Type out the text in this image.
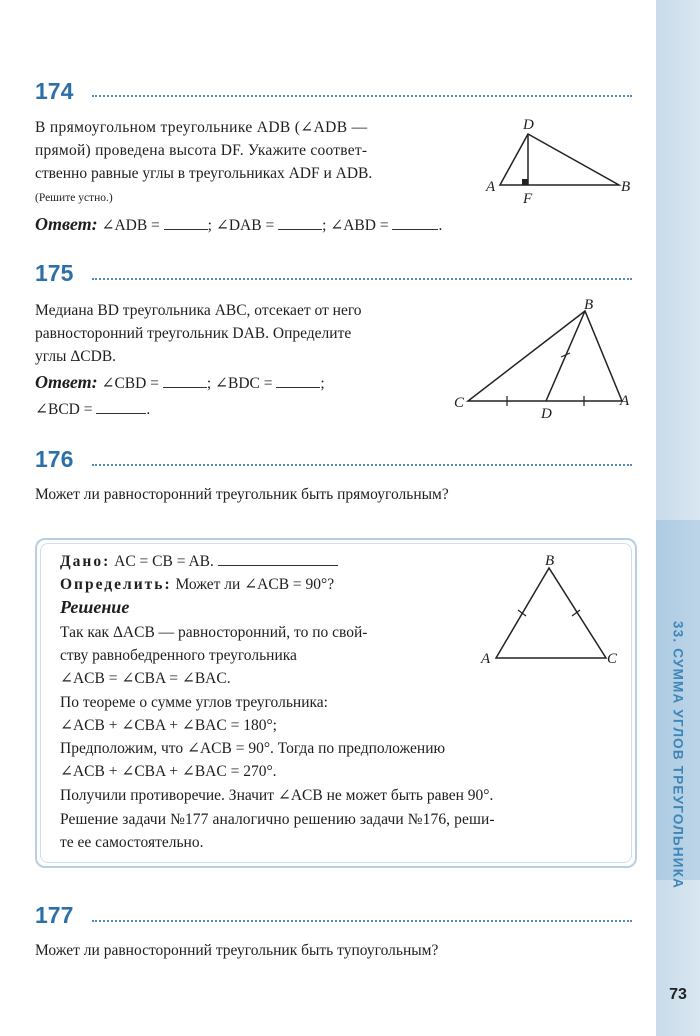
33. СУММА УГЛОВ ТРЕУГОЛЬНИКА
73
174
В прямоугольном треугольнике ADB (∠ADB —
прямой) проведена высота DF. Укажите соответ-
ственно равные углы в треугольниках ADF и ADB.
(Решите устно.)
Ответ: ∠ADB =	; ∠DAB =	; ∠ABD =	.
D
A
F
B
175
Медиана BD треугольника ABC, отсекает от него
равносторонний треугольник DAB. Определите
углы ΔCDB.
Ответ: ∠CBD =	; ∠BDC =	;
∠BCD =	.
B
C
D
A
176
Может ли равносторонний треугольник быть прямоугольным?
Дано: AC = CB = AB.
Определить: Может ли ∠ACB = 90°?
Решение
Так как ΔACB — равносторонний, то по свой-
ству равнобедренного треугольника
∠ACB = ∠CBA = ∠BAC.
По теореме о сумме углов треугольника:
∠ACB + ∠CBA + ∠BAC = 180°;
Предположим, что ∠ACB = 90°. Тогда по предположению
∠ACB + ∠CBA + ∠BAC = 270°.
Получили противоречие. Значит ∠ACB не может быть равен 90°.
Решение задачи №177 аналогично решению задачи №176, реши-
те ее самостоятельно.
B
A	C
177
Может ли равносторонний треугольник быть тупоугольным?
